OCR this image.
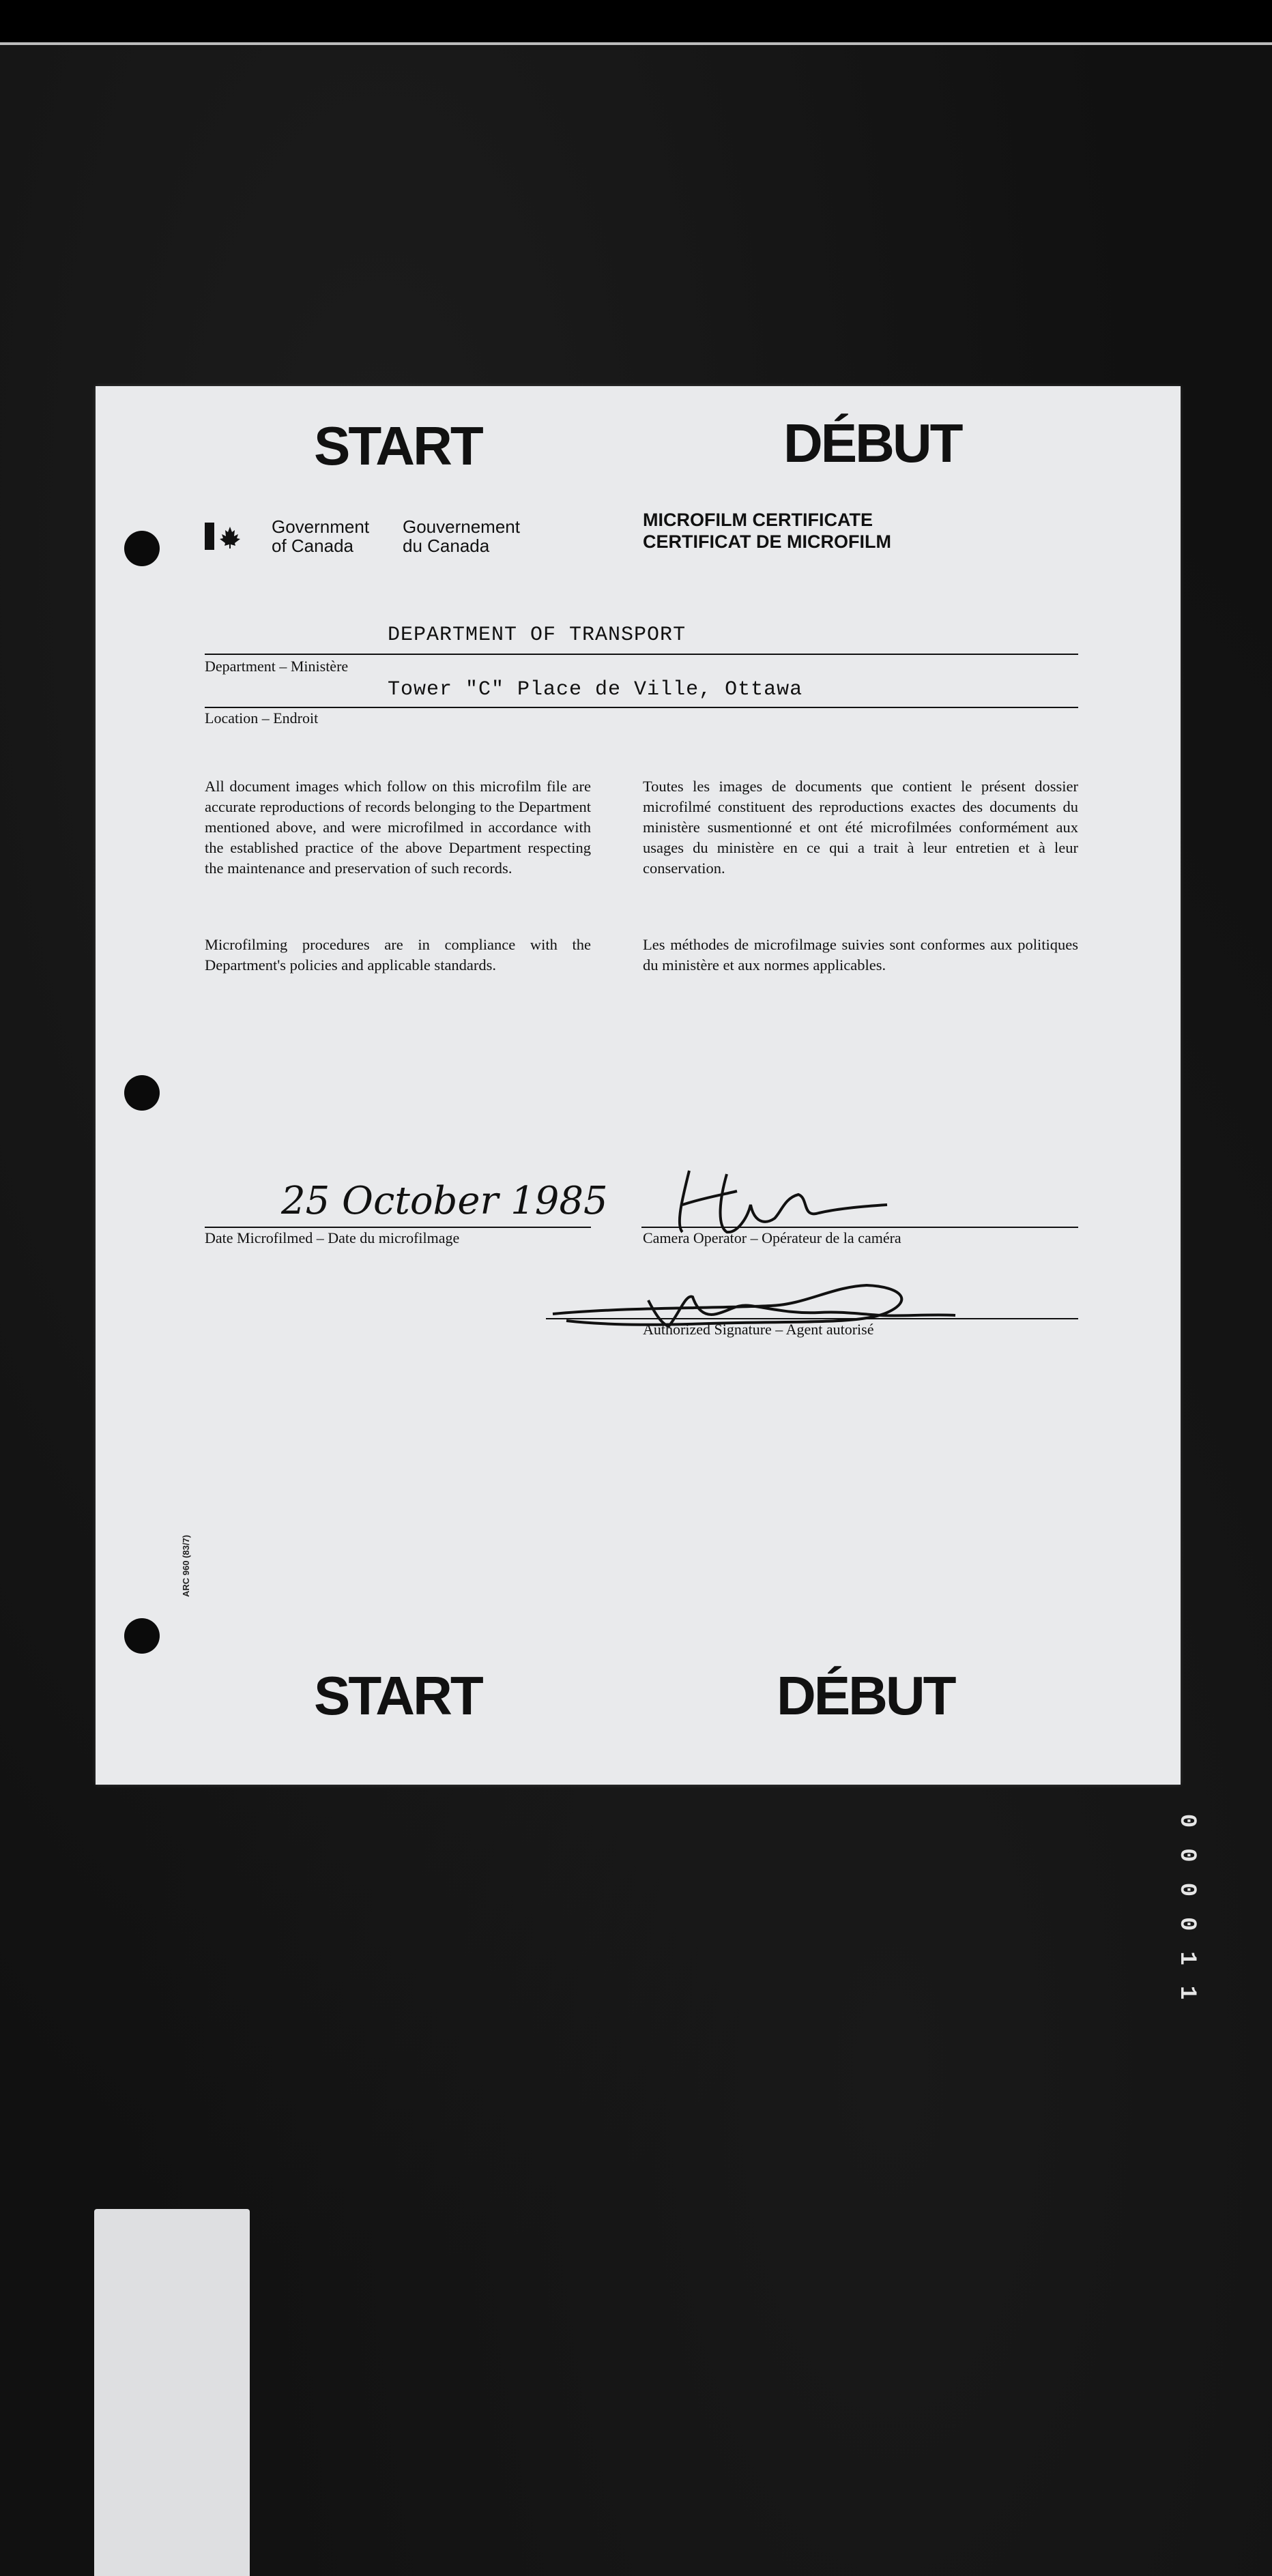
START	DÉBUT
Government
of Canada
Gouvernement
du Canada
MICROFILM CERTIFICATE
CERTIFICAT DE MICROFILM
DEPARTMENT OF TRANSPORT
Department – Ministère
Tower "C" Place de Ville, Ottawa
Location – Endroit
All document images which follow on this microfilm file are accurate reproductions of records belonging to the Department mentioned above, and were microfilmed in accordance with the established practice of the above Department respecting the maintenance and preservation of such records.
Toutes les images de documents que contient le présent dossier microfilmé constituent des reproductions exactes des documents du ministère susmentionné et ont été microfilmées conformément aux usages du ministère en ce qui a trait à leur entretien et à leur conservation.
Microfilming procedures are in compliance with the Department's policies and applicable standards.
Les méthodes de microfilmage suivies sont conformes aux politiques du ministère et aux normes applicables.
25 October 1985
Date Microfilmed – Date du microfilmage	Camera Operator – Opérateur de la caméra
Authorized Signature – Agent autorisé
ARC 960 (83/7)
START	DÉBUT
000011
